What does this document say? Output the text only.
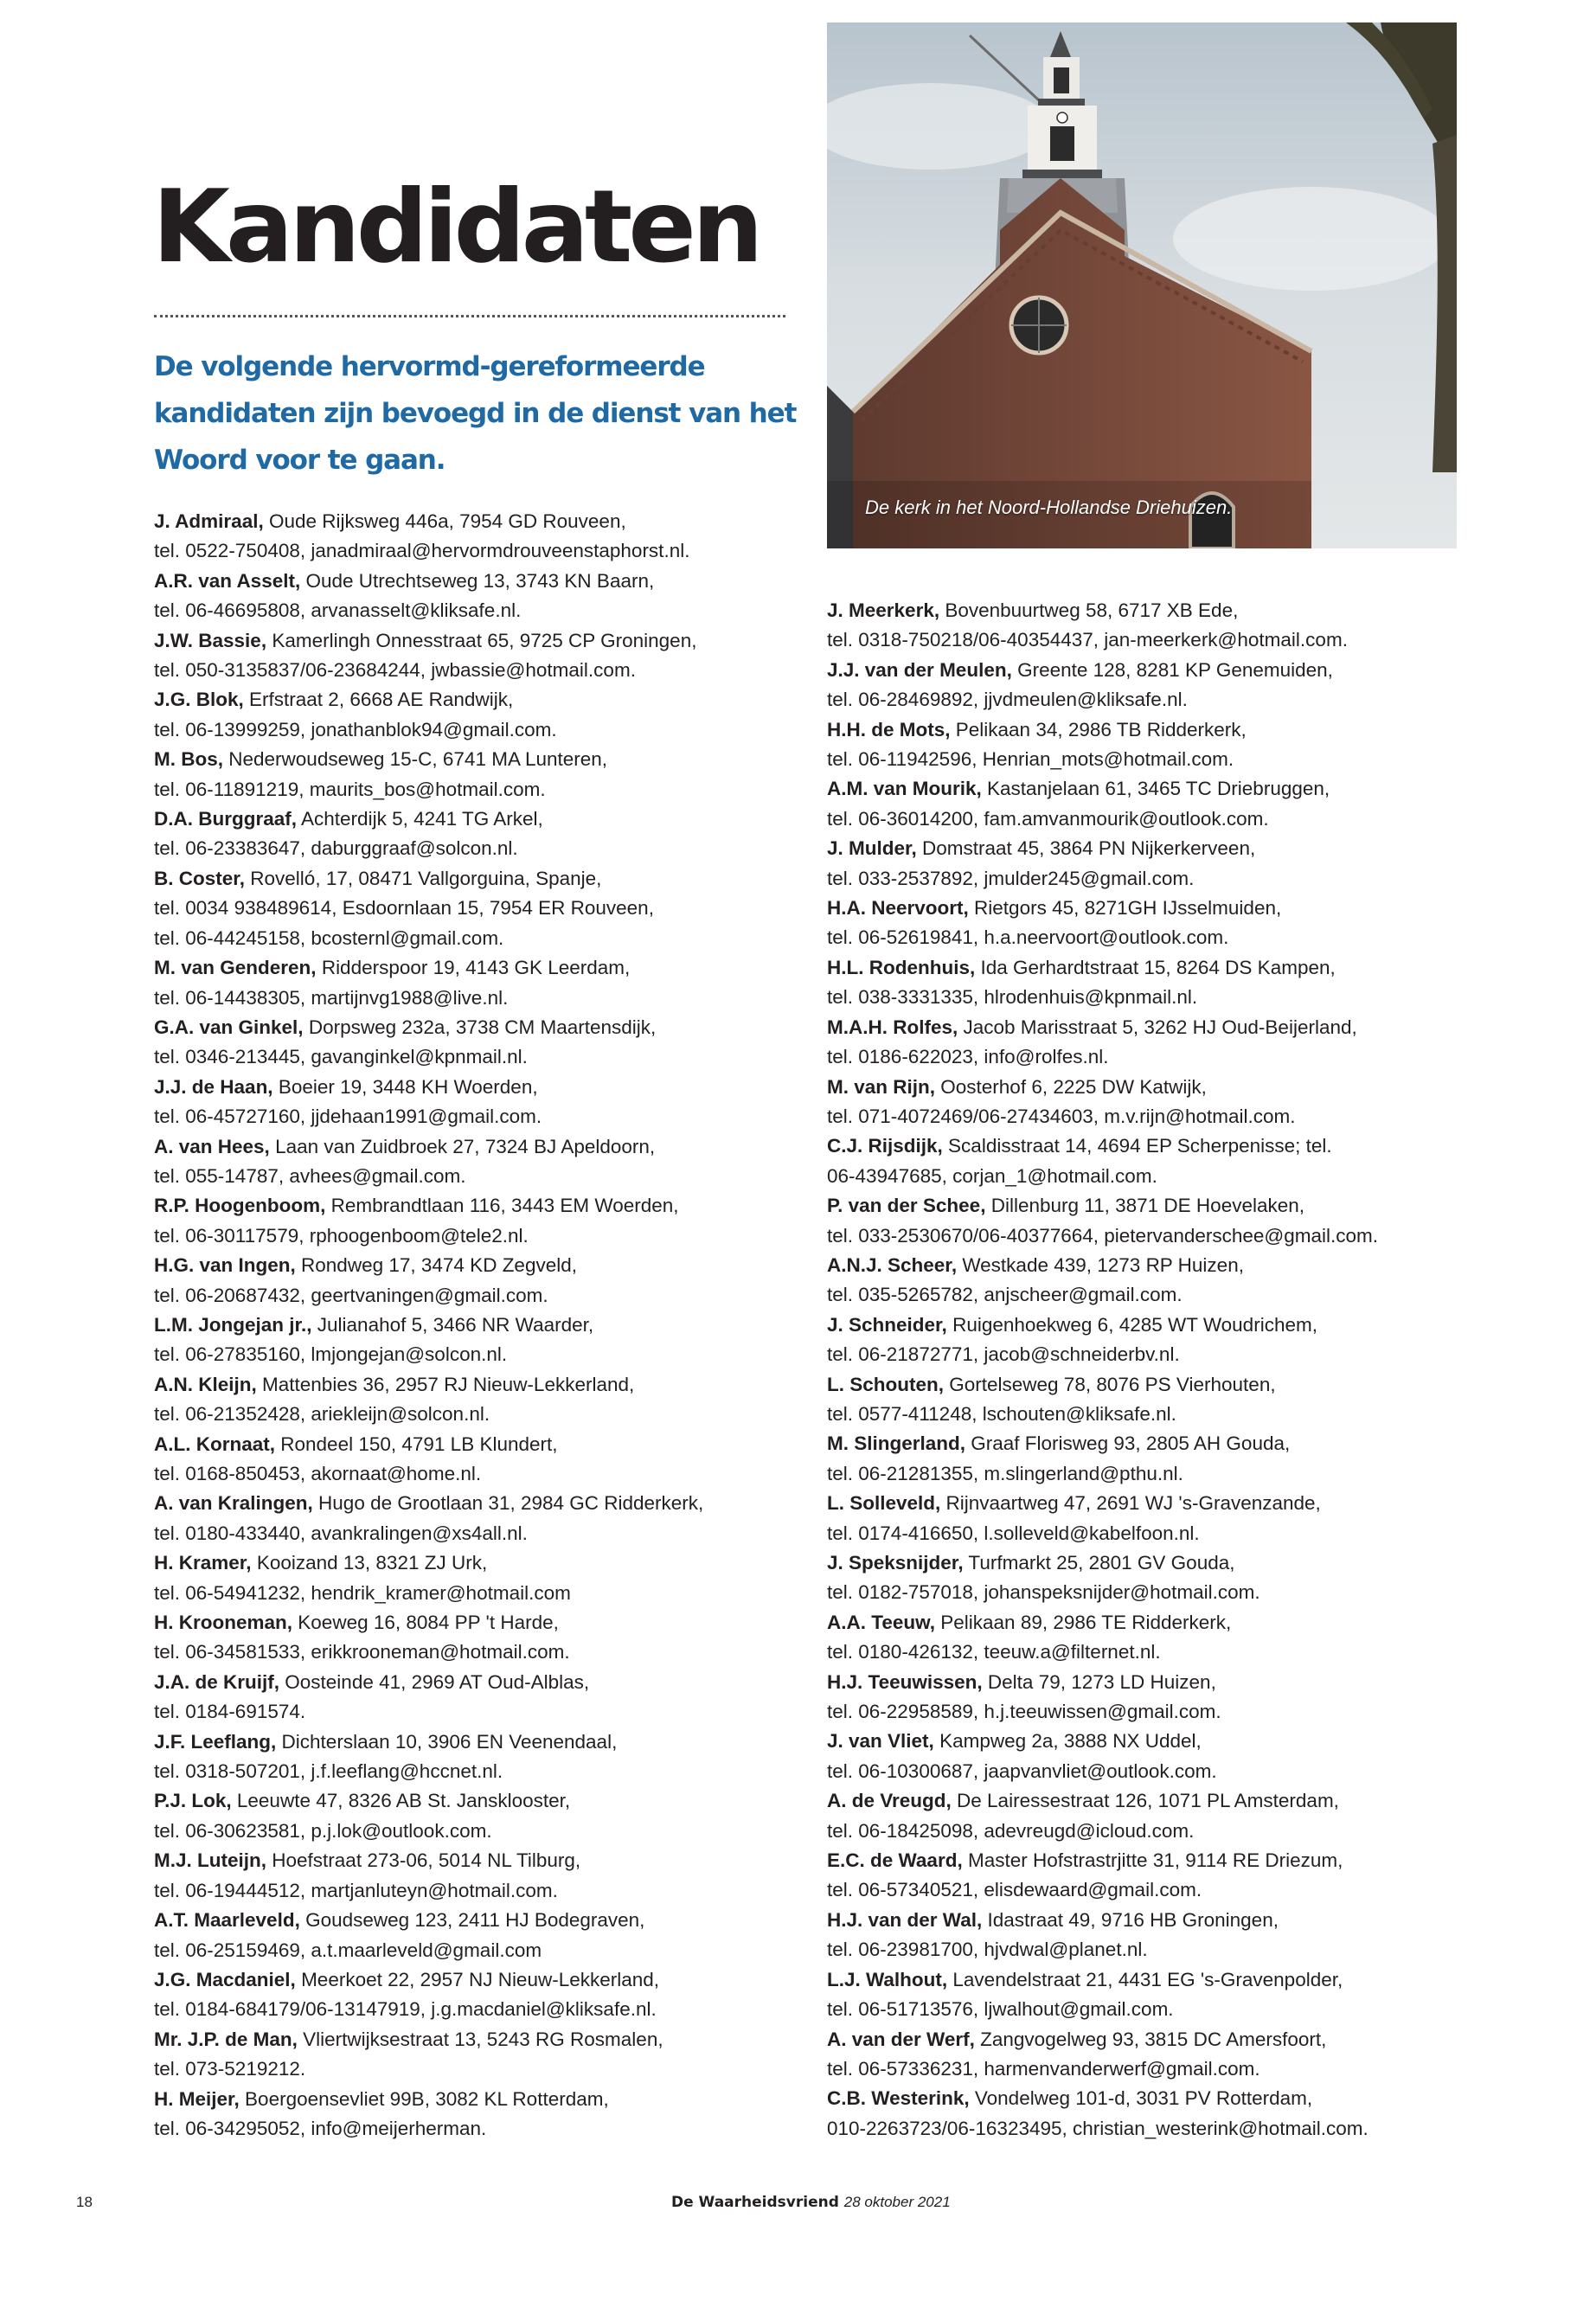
Kandidaten

De volgende hervormd-gereformeerde kandidaten zijn bevoegd in de dienst van het Woord voor te gaan.

De kerk in het Noord-Hollandse Driehuizen.

J. Admiraal, Oude Rijksweg 446a, 7954 GD Rouveen,

tel. 0522-750408, janadmiraal@hervormdrouveenstaphorst.nl.

A.R. van Asselt, Oude Utrechtseweg 13, 3743 KN Baarn,

tel. 06-46695808, arvanasselt@kliksafe.nl.

J.W. Bassie, Kamerlingh Onnesstraat 65, 9725 CP Groningen,

tel. 050-3135837/06-23684244, jwbassie@hotmail.com.

J.G. Blok, Erfstraat 2, 6668 AE Randwijk,

tel. 06-13999259, jonathanblok94@gmail.com.

M. Bos, Nederwoudseweg 15-C, 6741 MA Lunteren,

tel. 06-11891219, maurits_bos@hotmail.com.

D.A. Burggraaf, Achterdijk 5, 4241 TG Arkel,

tel. 06-23383647, daburggraaf@solcon.nl.

B. Coster, Rovelló, 17, 08471 Vallgorguina, Spanje,

tel. 0034 938489614, Esdoornlaan 15, 7954 ER Rouveen,

tel. 06-44245158, bcosternl@gmail.com.

M. van Genderen, Ridderspoor 19, 4143 GK Leerdam,

tel. 06-14438305, martijnvg1988@live.nl.

G.A. van Ginkel, Dorpsweg 232a, 3738 CM Maartensdijk,

tel. 0346-213445, gavanginkel@kpnmail.nl.

J.J. de Haan, Boeier 19, 3448 KH Woerden,

tel. 06-45727160, jjdehaan1991@gmail.com.

A. van Hees, Laan van Zuidbroek 27, 7324 BJ Apeldoorn,

tel. 055-14787, avhees@gmail.com.

R.P. Hoogenboom, Rembrandtlaan 116, 3443 EM Woerden,

tel. 06-30117579, rphoogenboom@tele2.nl.

H.G. van Ingen, Rondweg 17, 3474 KD Zegveld,

tel. 06-20687432, geertvaningen@gmail.com.

L.M. Jongejan jr., Julianahof 5, 3466 NR Waarder,

tel. 06-27835160, lmjongejan@solcon.nl.

A.N. Kleijn, Mattenbies 36, 2957 RJ Nieuw-Lekkerland,

tel. 06-21352428, ariekleijn@solcon.nl.

A.L. Kornaat, Rondeel 150, 4791 LB Klundert,

tel. 0168-850453, akornaat@home.nl.

A. van Kralingen, Hugo de Grootlaan 31, 2984 GC Ridderkerk,

tel. 0180-433440, avankralingen@xs4all.nl.

H. Kramer, Kooizand 13, 8321 ZJ Urk,

tel. 06-54941232, hendrik_kramer@hotmail.com

H. Krooneman, Koeweg 16, 8084 PP 't Harde,

tel. 06-34581533, erikkrooneman@hotmail.com.

J.A. de Kruijf, Oosteinde 41, 2969 AT Oud-Alblas,

tel. 0184-691574.

J.F. Leeflang, Dichterslaan 10, 3906 EN Veenendaal,

tel. 0318-507201, j.f.leeflang@hccnet.nl.

P.J. Lok, Leeuwte 47, 8326 AB St. Jansklooster,

tel. 06-30623581, p.j.lok@outlook.com.

M.J. Luteijn, Hoefstraat 273-06, 5014 NL Tilburg,

tel. 06-19444512, martjanluteyn@hotmail.com.

A.T. Maarleveld, Goudseweg 123, 2411 HJ Bodegraven,

tel. 06-25159469, a.t.maarleveld@gmail.com

J.G. Macdaniel, Meerkoet 22, 2957 NJ Nieuw-Lekkerland,

tel. 0184-684179/06-13147919, j.g.macdaniel@kliksafe.nl.

Mr. J.P. de Man, Vliertwijksestraat 13, 5243 RG Rosmalen,

tel. 073-5219212.

H. Meijer, Boergoensevliet 99B, 3082 KL Rotterdam,

tel. 06-34295052, info@meijerherman.

J. Meerkerk, Bovenbuurtweg 58, 6717 XB Ede,

tel. 0318-750218/06-40354437, jan-meerkerk@hotmail.com.

J.J. van der Meulen, Greente 128, 8281 KP Genemuiden,

tel. 06-28469892, jjvdmeulen@kliksafe.nl.

H.H. de Mots, Pelikaan 34, 2986 TB Ridderkerk,

tel. 06-11942596, Henrian_mots@hotmail.com.

A.M. van Mourik, Kastanjelaan 61, 3465 TC Driebruggen,

tel. 06-36014200, fam.amvanmourik@outlook.com.

J. Mulder, Domstraat 45, 3864 PN Nijkerkerveen,

tel. 033-2537892, jmulder245@gmail.com.

H.A. Neervoort, Rietgors 45, 8271GH IJsselmuiden,

tel. 06-52619841, h.a.neervoort@outlook.com.

H.L. Rodenhuis, Ida Gerhardtstraat 15, 8264 DS Kampen,

tel. 038-3331335, hlrodenhuis@kpnmail.nl.

M.A.H. Rolfes, Jacob Marisstraat 5, 3262 HJ Oud-Beijerland,

tel. 0186-622023, info@rolfes.nl.

M. van Rijn, Oosterhof 6, 2225 DW Katwijk,

tel. 071-4072469/06-27434603, m.v.rijn@hotmail.com.

C.J. Rijsdijk, Scaldisstraat 14, 4694 EP Scherpenisse; tel.

06-43947685, corjan_1@hotmail.com.

P. van der Schee, Dillenburg 11, 3871 DE Hoevelaken,

tel. 033-2530670/06-40377664, pietervanderschee@gmail.com.

A.N.J. Scheer, Westkade 439, 1273 RP Huizen,

tel. 035-5265782, anjscheer@gmail.com.

J. Schneider, Ruigenhoekweg 6, 4285 WT Woudrichem,

tel. 06-21872771, jacob@schneiderbv.nl.

L. Schouten, Gortelseweg 78, 8076 PS Vierhouten,

tel. 0577-411248, lschouten@kliksafe.nl.

M. Slingerland, Graaf Florisweg 93, 2805 AH Gouda,

tel. 06-21281355, m.slingerland@pthu.nl.

L. Solleveld, Rijnvaartweg 47, 2691 WJ 's-Gravenzande,

tel. 0174-416650, l.solleveld@kabelfoon.nl.

J. Speksnijder, Turfmarkt 25, 2801 GV Gouda,

tel. 0182-757018, johanspeksnijder@hotmail.com.

A.A. Teeuw, Pelikaan 89, 2986 TE Ridderkerk,

tel. 0180-426132, teeuw.a@filternet.nl.

H.J. Teeuwissen, Delta 79, 1273 LD Huizen,

tel. 06-22958589, h.j.teeuwissen@gmail.com.

J. van Vliet, Kampweg 2a, 3888 NX Uddel,

tel. 06-10300687, jaapvanvliet@outlook.com.

A. de Vreugd, De Lairessestraat 126, 1071 PL Amsterdam,

tel. 06-18425098, adevreugd@icloud.com.

E.C. de Waard, Master Hofstrastrjitte 31, 9114 RE Driezum,

tel. 06-57340521, elisdewaard@gmail.com.

H.J. van der Wal, Idastraat 49, 9716 HB Groningen,

tel. 06-23981700, hjvdwal@planet.nl.

L.J. Walhout, Lavendelstraat 21, 4431 EG 's-Gravenpolder,

tel. 06-51713576, ljwalhout@gmail.com.

A. van der Werf, Zangvogelweg 93, 3815 DC Amersfoort,

tel. 06-57336231, harmenvanderwerf@gmail.com.

C.B. Westerink, Vondelweg 101-d, 3031 PV Rotterdam,

010-2263723/06-16323495, christian_westerink@hotmail.com.

18	De Waarheidsvriend 28 oktober 2021
